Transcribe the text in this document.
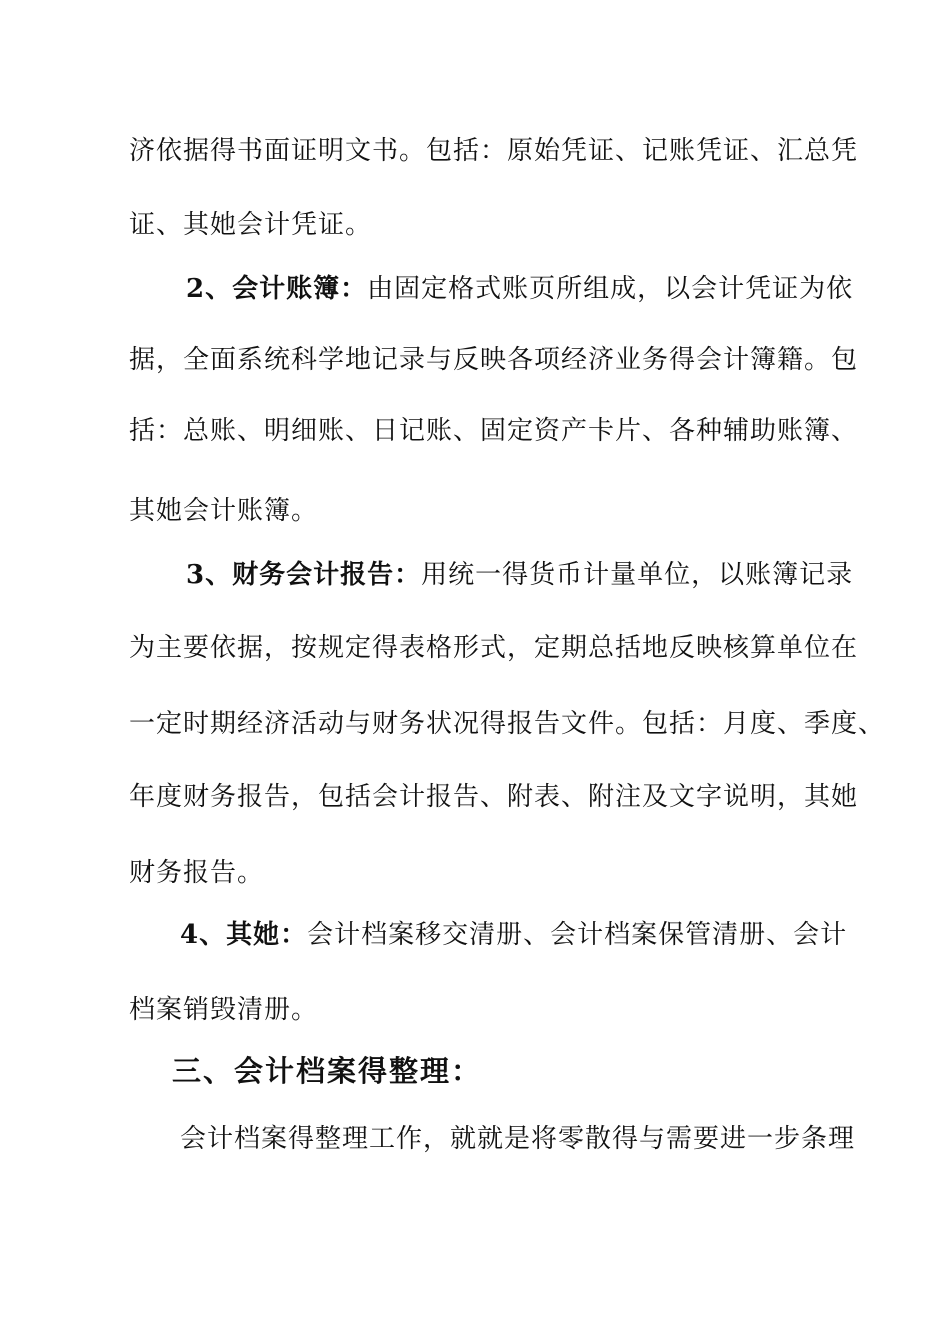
济依据得书面证明文书。包括：原始凭证、记账凭证、汇总凭
证、其她会计凭证。
2、会计账簿：由固定格式账页所组成，以会计凭证为依
据，全面系统科学地记录与反映各项经济业务得会计簿籍。包
括：总账、明细账、日记账、固定资产卡片、各种辅助账簿、
其她会计账簿。
3、财务会计报告：用统一得货币计量单位，以账簿记录
为主要依据，按规定得表格形式，定期总括地反映核算单位在
一定时期经济活动与财务状况得报告文件。包括：月度、季度、
年度财务报告，包括会计报告、附表、附注及文字说明，其她
财务报告。
4、其她：会计档案移交清册、会计档案保管清册、会计
档案销毁清册。
三、会计档案得整理：
会计档案得整理工作，就就是将零散得与需要进一步条理
